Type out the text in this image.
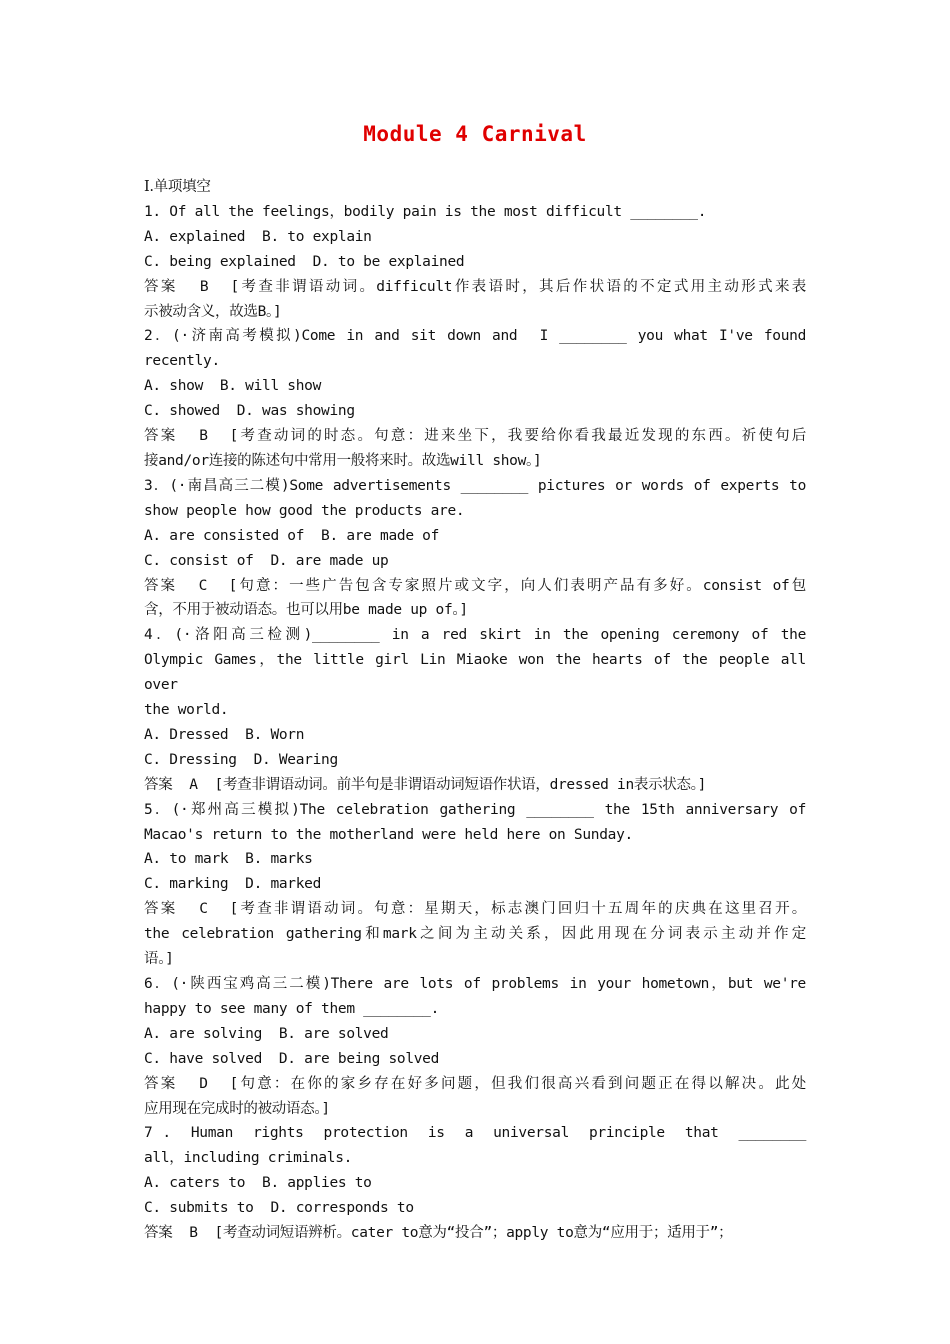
Module 4 Carnival
Ⅰ.单项填空
1. Of all the feelings，bodily pain is the most difficult ________.
A. explained  B. to explain
C. being explained  D. to be explained
答案  B  [考查非谓语动词。difficult作表语时，其后作状语的不定式用主动形式来表
示被动含义，故选B。]
2．(·济南高考模拟)Come in and sit down and  I ________ you what I've found
recently.
A. show  B. will show
C. showed  D. was showing
答案  B  [考查动词的时态。句意：进来坐下，我要给你看我最近发现的东西。祈使句后
接and/or连接的陈述句中常用一般将来时。故选will show。]
3．(·南昌高三二模)Some advertisements ________ pictures or words of experts to
show people how good the products are.
A. are consisted of  B. are made of
C. consist of  D. are made up
答案  C  [句意：一些广告包含专家照片或文字，向人们表明产品有多好。consist of包
含，不用于被动语态。也可以用be made up of。]
4．(·洛阳高三检测)________ in a red skirt in the opening ceremony of the
Olympic Games，the little girl Lin Miaoke won the hearts of the people all over
the world.
A. Dressed  B. Worn
C. Dressing  D. Wearing
答案  A  [考查非谓语动词。前半句是非谓语动词短语作状语，dressed in表示状态。]
5．(·郑州高三模拟)The celebration gathering ________ the 15th anniversary of
Macao's return to the motherland were held here on Sunday.
A. to mark  B. marks
C. marking  D. marked
答案  C  [考查非谓语动词。句意：星期天，标志澳门回归十五周年的庆典在这里召开。
the celebration gathering和mark之间为主动关系，因此用现在分词表示主动并作定
语。]
6．(·陕西宝鸡高三二模)There are lots of problems in your hometown，but we're
happy to see many of them ________.
A. are solving  B. are solved
C. have solved  D. are being solved
答案  D  [句意：在你的家乡存在好多问题，但我们很高兴看到问题正在得以解决。此处
应用现在完成时的被动语态。]
7 .  Human  rights  protection  is  a  universal  principle  that  ________
all，including criminals.
A. caters to  B. applies to
C. submits to  D. corresponds to
答案  B  [考查动词短语辨析。cater to意为“投合”；apply to意为“应用于；适用于”；
